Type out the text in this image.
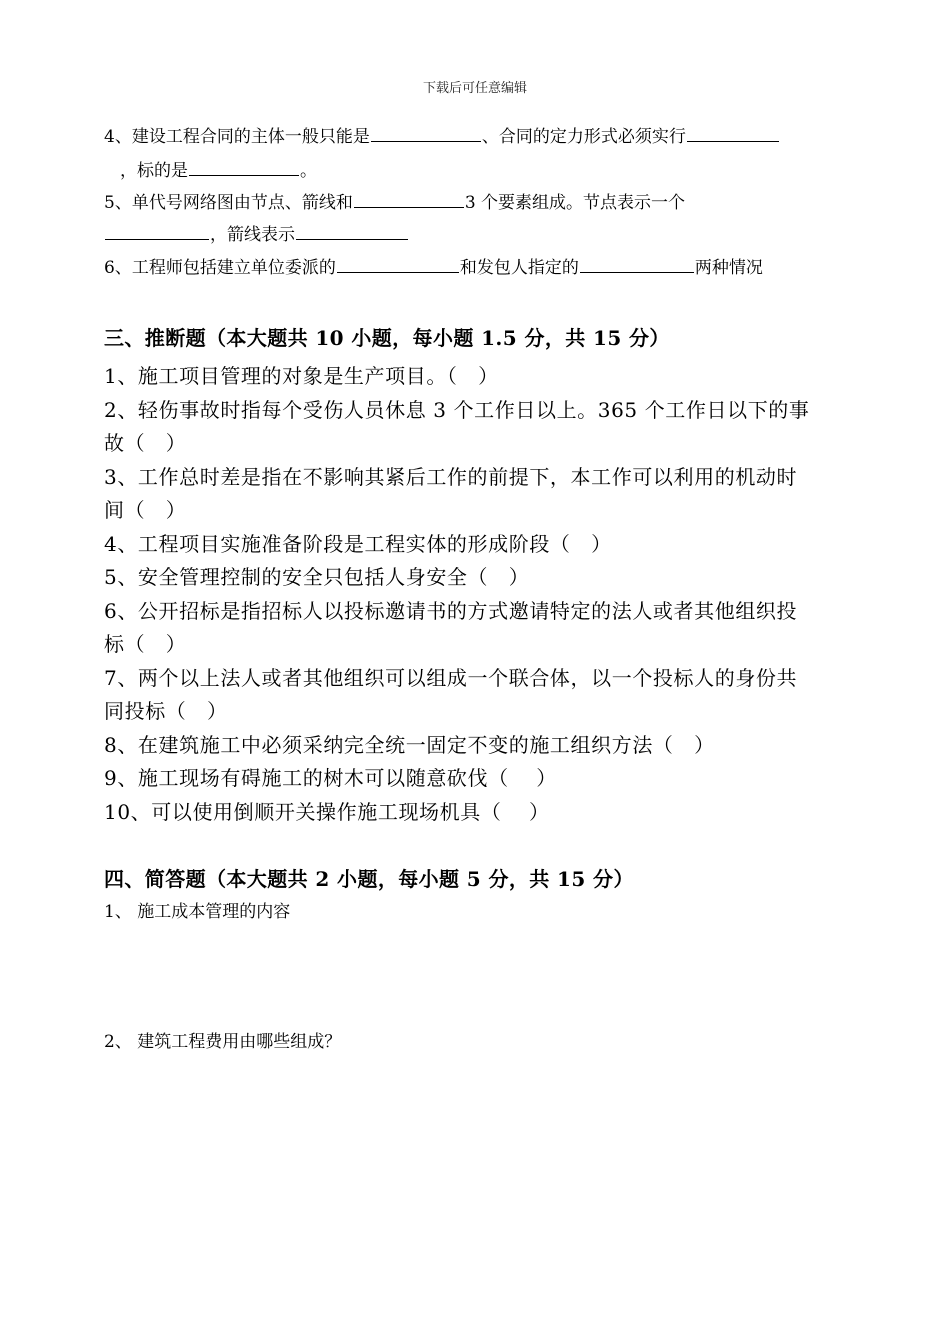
下载后可任意编辑
4、建设工程合同的主体一般只能是	、合同的定力形式必须实行
，标的是	。
5、单代号网络图由节点、箭线和	3 个要素组成。节点表示一个
，箭线表示
6、工程师包括建立单位委派的	和发包人指定的	两种情况
三、推断题（本大题共 10 小题，每小题 1.5 分，共 15 分）
1、施工项目管理的对象是生产项目。（　）
2、轻伤事故时指每个受伤人员休息 3 个工作日以上。365 个工作日以下的事
故（　）
3、工作总时差是指在不影响其紧后工作的前提下，本工作可以利用的机动时
间（　）
4、工程项目实施准备阶段是工程实体的形成阶段（　）
5、安全管理控制的安全只包括人身安全（　）
6、公开招标是指招标人以投标邀请书的方式邀请特定的法人或者其他组织投
标（　）
7、两个以上法人或者其他组织可以组成一个联合体，以一个投标人的身份共
同投标（　）
8、在建筑施工中必须采纳完全统一固定不变的施工组织方法（　）
9、施工现场有碍施工的树木可以随意砍伐（　 ）
10、可以使用倒顺开关操作施工现场机具（　 ）
四、简答题（本大题共 2 小题，每小题 5 分，共 15 分）
1、 施工成本管理的内容
2、 建筑工程费用由哪些组成？
